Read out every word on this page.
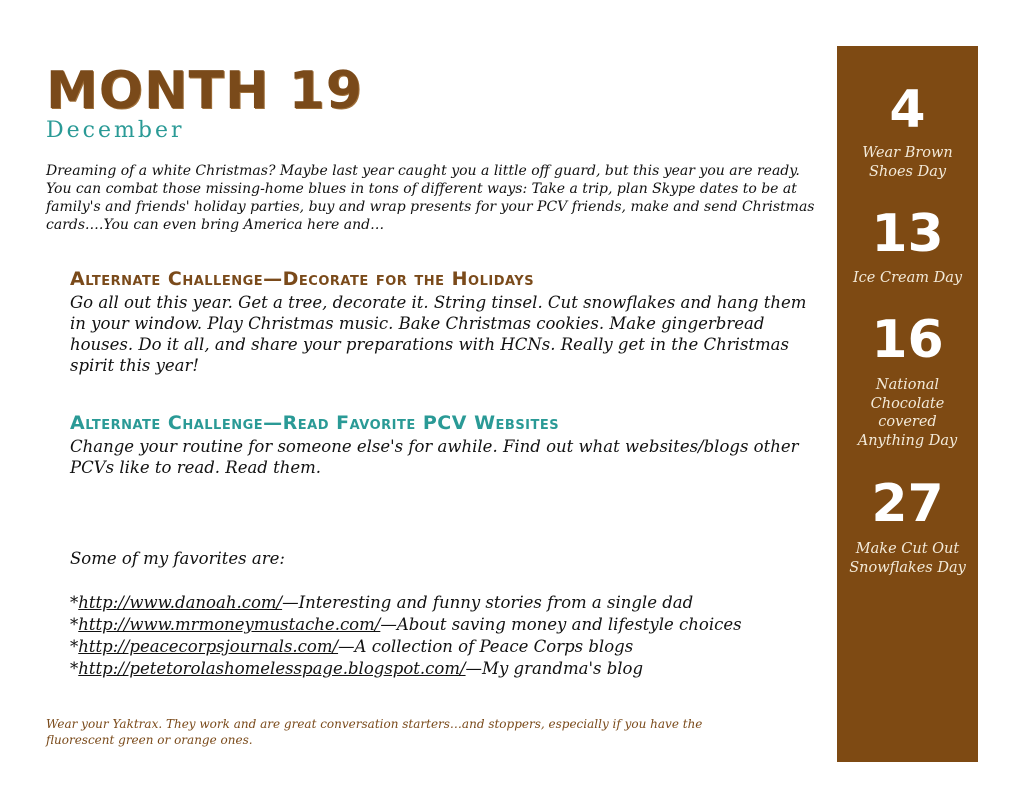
MONTH 19
December
Dreaming of a white Christmas? Maybe last year caught you a little off guard, but this year you are ready. You can combat those missing-home blues in tons of different ways: Take a trip, plan Skype dates to be at family's and friends' holiday parties, buy and wrap presents for your PCV friends, make and send Christmas cards.…You can even bring America here and…
Alternate Challenge—Decorate for the Holidays
Go all out this year. Get a tree, decorate it. String tinsel. Cut snowflakes and hang them in your window. Play Christmas music. Bake Christmas cookies. Make gingerbread houses. Do it all, and share your preparations with HCNs. Really get in the Christmas spirit this year!
Alternate Challenge—Read Favorite PCV Websites
Change your routine for someone else's for awhile. Find out what websites/blogs other PCVs like to read. Read them.
Some of my favorites are:
*http://www.danoah.com/—Interesting and funny stories from a single dad
*http://www.mrmoneymustache.com/—About saving money and lifestyle choices
*http://peacecorpsjournals.com/—A collection of Peace Corps blogs
*http://petetorolashomelesspage.blogspot.com/—My grandma's blog
Wear your Yaktrax. They work and are great conversation starters…and stoppers, especially if you have the fluorescent green or orange ones.
4
Wear Brown Shoes Day
13
Ice Cream Day
16
National Chocolate covered Anything Day
27
Make Cut Out Snowflakes Day
